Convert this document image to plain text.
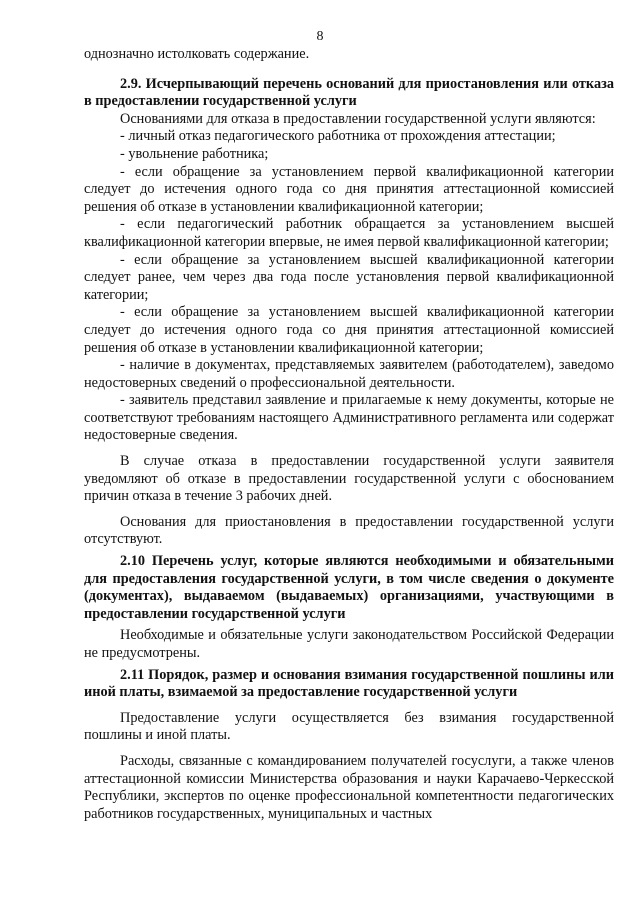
8

однозначно истолковать содержание.

2.9. Исчерпывающий перечень оснований для приостановления или отказа в предоставлении государственной услуги

Основаниями для отказа в предоставлении государственной услуги являются:

- личный отказ педагогического работника от прохождения аттестации;

- увольнение работника;

- если обращение за установлением первой квалификационной категории следует до истечения одного года со дня принятия аттестационной комиссией решения об отказе в установлении квалификационной категории;

- если педагогический работник обращается за установлением высшей квалификационной категории впервые, не имея первой квалификационной категории;

- если обращение за установлением высшей квалификационной категории следует ранее, чем через два года после установления первой квалификационной категории;

- если обращение за установлением высшей квалификационной категории следует до истечения одного года со дня принятия аттестационной комиссией решения об отказе в установлении квалификационной категории;

- наличие в документах, представляемых заявителем (работодателем), заведомо недостоверных сведений о профессиональной деятельности.

- заявитель представил заявление и прилагаемые к нему документы, которые не соответствуют требованиям настоящего Административного регламента или содержат недостоверные сведения.

В случае отказа в предоставлении государственной услуги заявителя уведомляют об отказе в предоставлении государственной услуги с обоснованием причин отказа в течение 3 рабочих дней.

Основания для приостановления в предоставлении государственной услуги отсутствуют.

2.10 Перечень услуг, которые являются необходимыми и обязательными для предоставления государственной услуги, в том числе сведения о документе (документах), выдаваемом (выдаваемых) организациями, участвующими в предоставлении государственной услуги

Необходимые и обязательные услуги законодательством Российской Федерации не предусмотрены.

2.11 Порядок, размер и основания взимания государственной пошлины или иной платы, взимаемой за предоставление государственной услуги

Предоставление услуги осуществляется без взимания государственной пошлины и иной платы.

Расходы, связанные с командированием получателей госуслуги, а также членов аттестационной комиссии Министерства образования и науки Карачаево-Черкесской Республики, экспертов по оценке профессиональной компетентности педагогических работников государственных, муниципальных и частных
